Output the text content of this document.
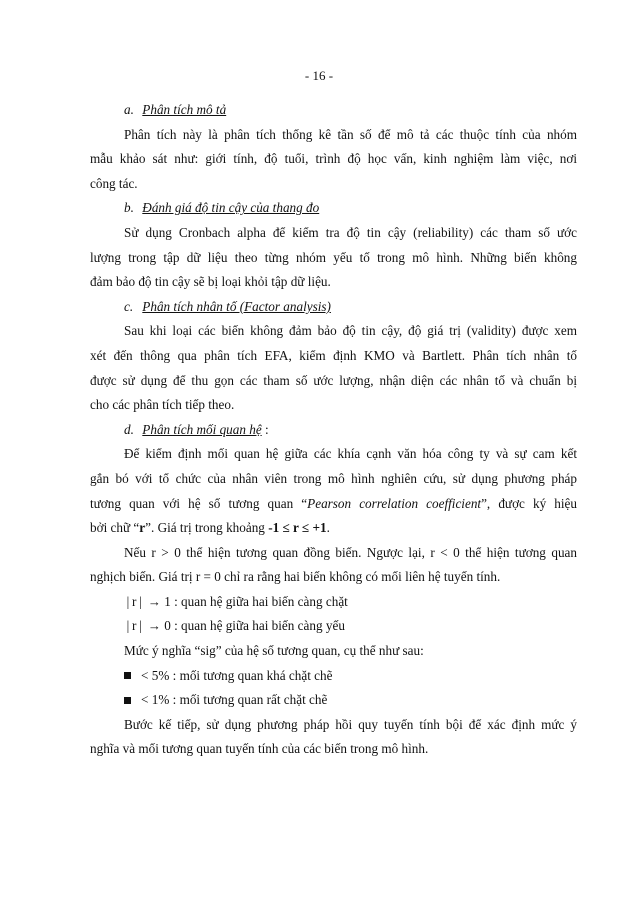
- 16 -
a. Phân tích mô tả
Phân tích này là phân tích thống kê tần số để mô tả các thuộc tính của nhóm
mẫu khảo sát như: giới tính, độ tuổi, trình độ học vấn, kinh nghiệm làm việc, nơi
công tác.
b. Đánh giá độ tin cậy của thang đo
Sử dụng Cronbach alpha để kiểm tra độ tin cậy (reliability) các tham số ước
lượng trong tập dữ liệu theo từng nhóm yếu tố trong mô hình. Những biến không
đảm bảo độ tin cậy sẽ bị loại khỏi tập dữ liệu.
c. Phân tích nhân tố (Factor analysis)
Sau khi loại các biến không đảm bảo độ tin cậy, độ giá trị (validity) được xem
xét đến thông qua phân tích EFA, kiểm định KMO và Bartlett. Phân tích nhân tố
được sử dụng để thu gọn các tham số ước lượng, nhận diện các nhân tố và chuẩn bị
cho các phân tích tiếp theo.
d. Phân tích mối quan hệ :
Để kiểm định mối quan hệ giữa các khía cạnh văn hóa công ty và sự cam kết
gắn bó với tổ chức của nhân viên trong mô hình nghiên cứu, sử dụng phương pháp
tương quan với hệ số tương quan “Pearson correlation coefficient”, được ký hiệu
bởi chữ “r”. Giá trị trong khoảng -1 ≤ r ≤ +1.
Nếu r > 0 thể hiện tương quan đồng biến. Ngược lại, r < 0 thể hiện tương quan
nghịch biến. Giá trị r = 0 chỉ ra rằng hai biến không có mối liên hệ tuyến tính.
| r | → 1 : quan hệ giữa hai biến càng chặt
| r | → 0 : quan hệ giữa hai biến càng yếu
Mức ý nghĩa “sig” của hệ số tương quan, cụ thể như sau:
< 5% : mối tương quan khá chặt chẽ
< 1% : mối tương quan rất chặt chẽ
Bước kế tiếp, sử dụng phương pháp hồi quy tuyến tính bội để xác định mức ý
nghĩa và mối tương quan tuyến tính của các biến trong mô hình.
